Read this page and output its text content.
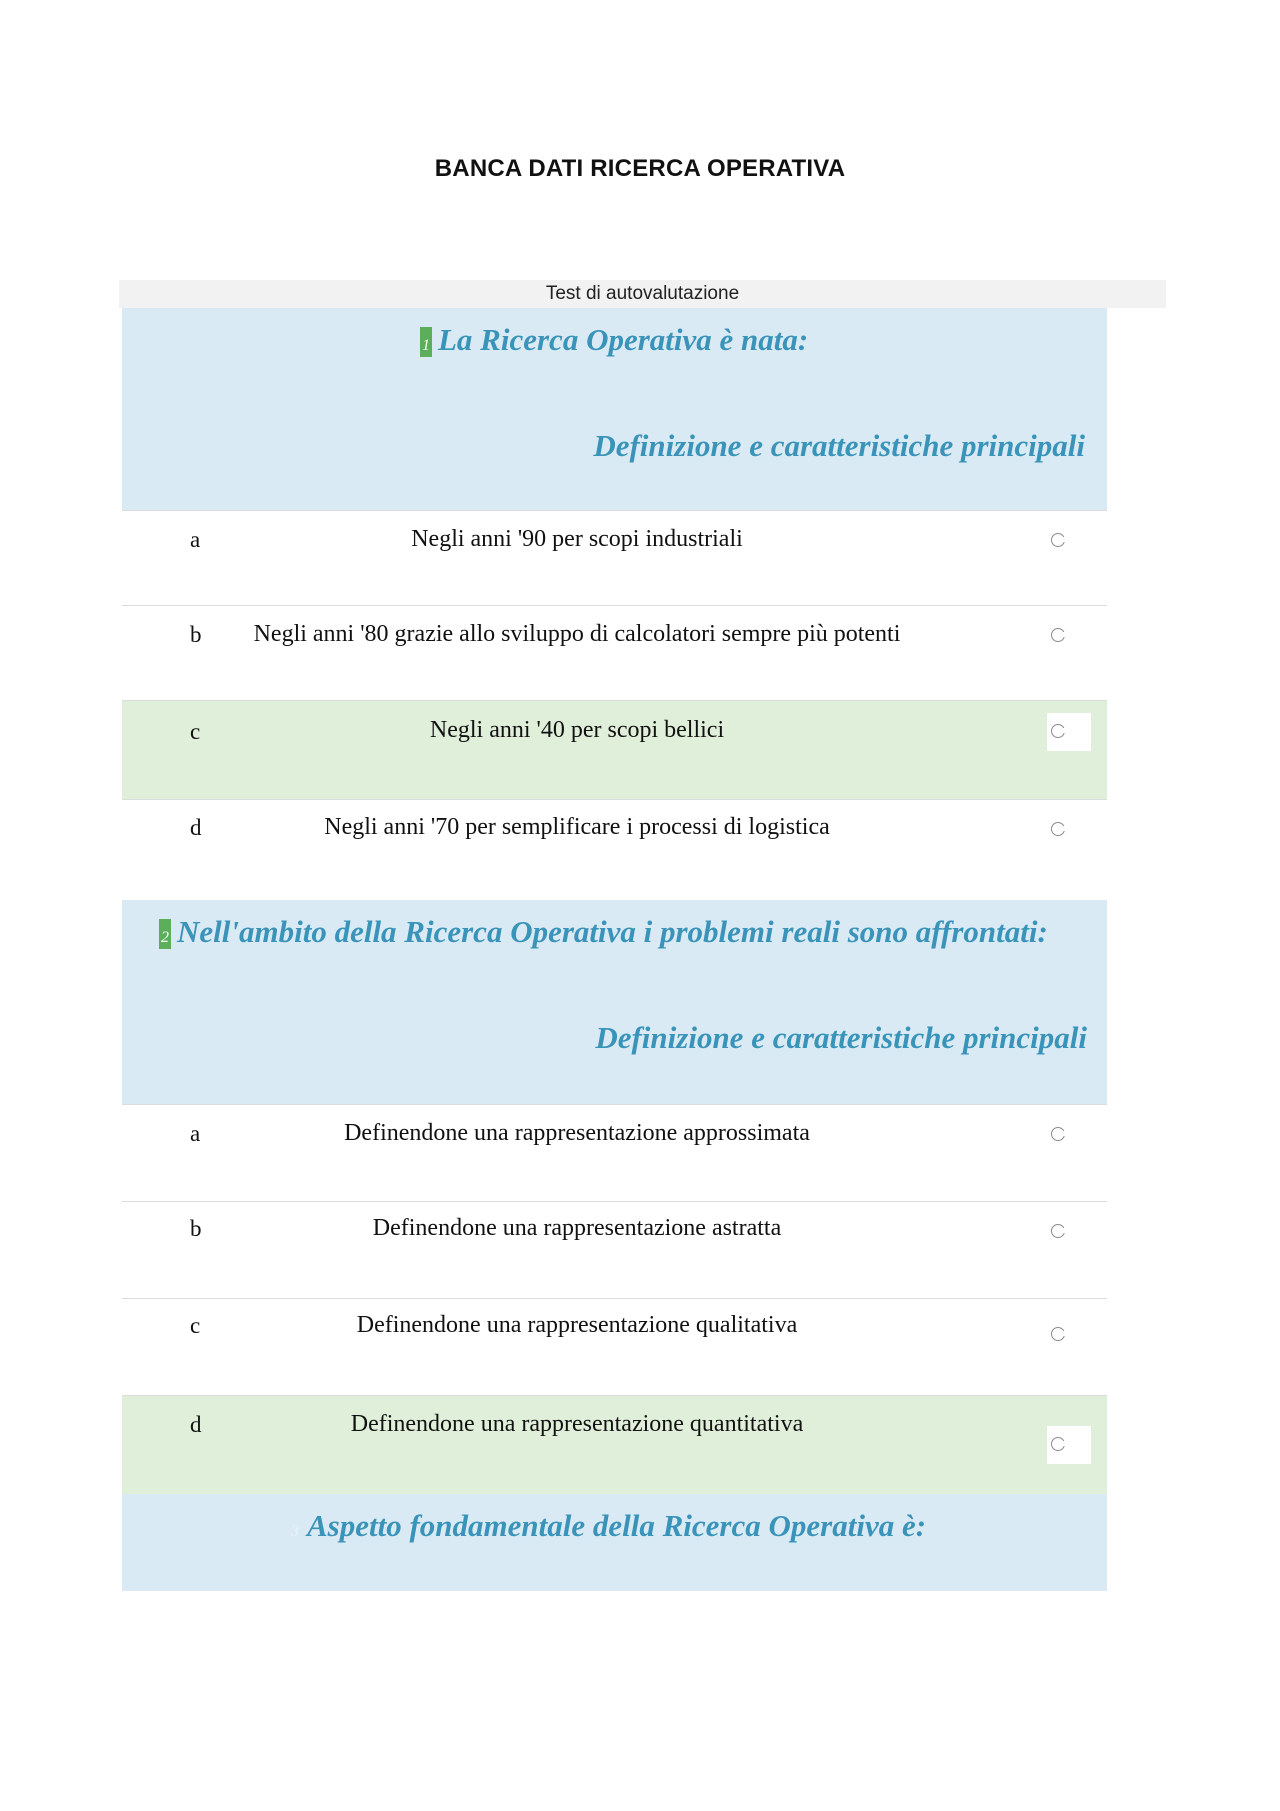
BANCA DATI RICERCA OPERATIVA
Test di autovalutazione
1 La Ricerca Operativa è nata:
Definizione e caratteristiche principali
a	Negli anni '90 per scopi industriali
b	Negli anni '80 grazie allo sviluppo di calcolatori sempre più potenti
c	Negli anni '40 per scopi bellici
d	Negli anni '70 per semplificare i processi di logistica
2 Nell'ambito della Ricerca Operativa i problemi reali sono affrontati:
Definizione e caratteristiche principali
a	Definendone una rappresentazione approssimata
b	Definendone una rappresentazione astratta
c	Definendone una rappresentazione qualitativa
d	Definendone una rappresentazione quantitativa
3 Aspetto fondamentale della Ricerca Operativa è:
